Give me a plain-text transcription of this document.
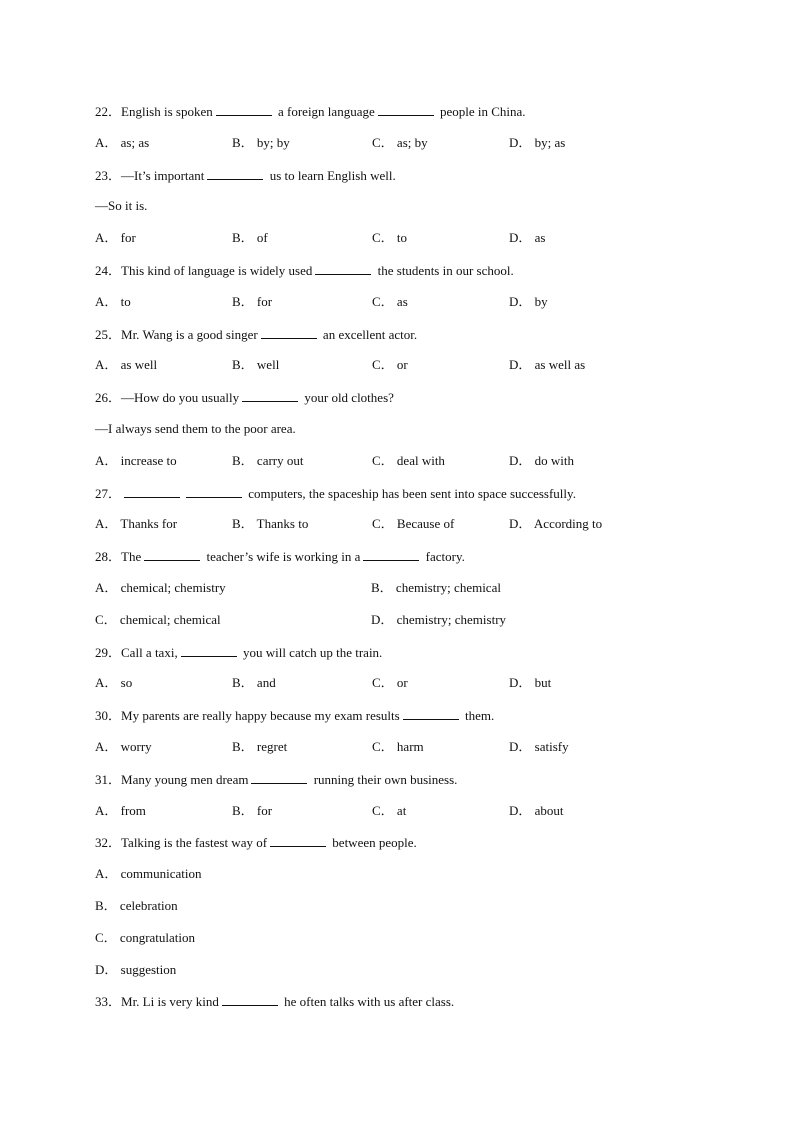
22．English is spoken	a foreign language	people in China.
A． as; as	B． by; by	C． as; by	D． by; as
23．—It’s important	us to learn English well.
—So it is.
A． for	B． of	C． to	D． as
24．This kind of language is widely used	the students in our school.
A． to	B． for	C． as	D． by
25．Mr. Wang is a good singer	an excellent actor.
A． as well	B． well	C． or	D． as well as
26．—How do you usually	your old clothes?
—I always send them to the poor area.
A． increase to	B． carry out	C． deal with	D． do with
27．	computers, the spaceship has been sent into space successfully.
A． Thanks for	B． Thanks to	C． Because of	D． According to
28．The	teacher’s wife is working in a	factory.
A． chemical; chemistry	B． chemistry; chemical
C． chemical; chemical	D． chemistry; chemistry
29．Call a taxi,	you will catch up the train.
A． so	B． and	C． or	D． but
30．My parents are really happy because my exam results	them.
A． worry	B． regret	C． harm	D． satisfy
31．Many young men dream	running their own business.
A． from	B． for	C． at	D． about
32．Talking is the fastest way of	between people.
A． communication
B． celebration
C． congratulation
D． suggestion
33．Mr. Li is very kind	he often talks with us after class.
